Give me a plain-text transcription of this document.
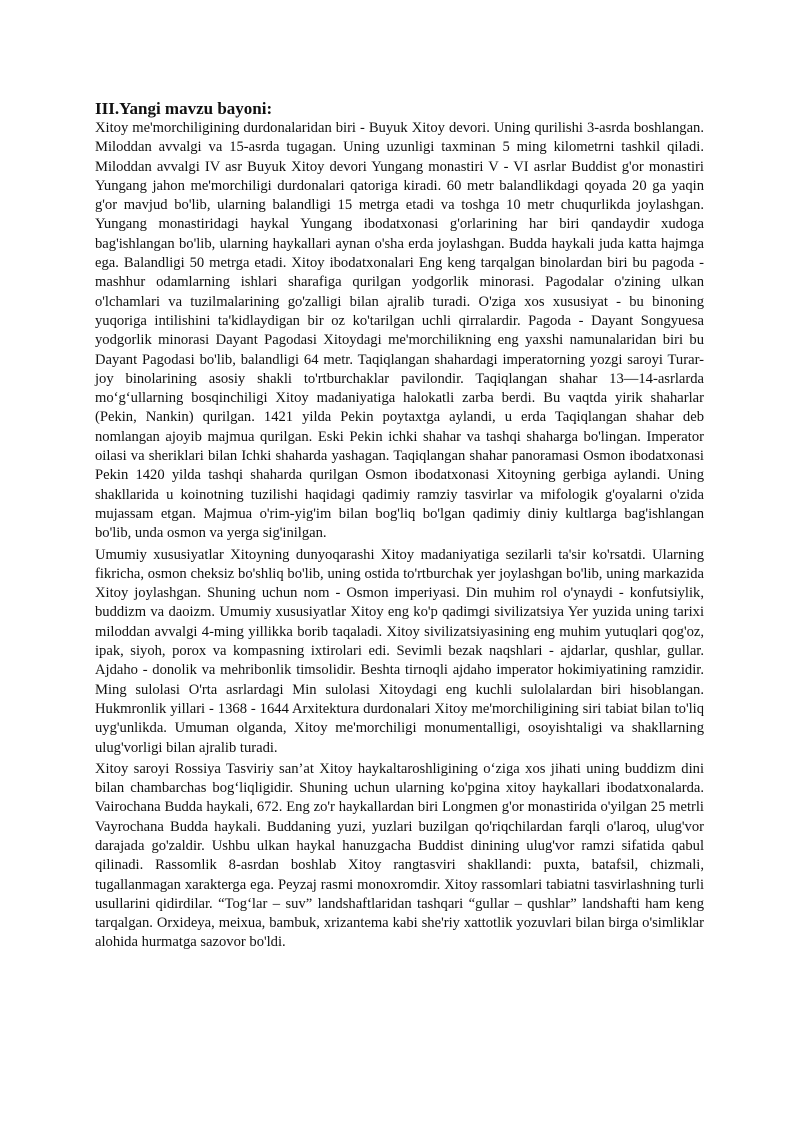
III.Yangi mavzu bayoni:

Xitoy me'morchiligining durdonalaridan biri - Buyuk Xitoy devori. Uning qurilishi 3-asrda boshlangan. Miloddan avvalgi va 15-asrda tugagan. Uning uzunligi taxminan 5 ming kilometrni tashkil qiladi. Miloddan avvalgi IV asr Buyuk Xitoy devori Yungang monastiri V - VI asrlar Buddist g'or monastiri Yungang jahon me'morchiligi durdonalari qatoriga kiradi. 60 metr balandlikdagi qoyada 20 ga yaqin g'or mavjud bo'lib, ularning balandligi 15 metrga etadi va toshga 10 metr chuqurlikda joylashgan. Yungang monastiridagi haykal Yungang ibodatxonasi g'orlarining har biri qandaydir xudoga bag'ishlangan bo'lib, ularning haykallari aynan o'sha erda joylashgan. Budda haykali juda katta hajmga ega. Balandligi 50 metrga etadi. Xitoy ibodatxonalari Eng keng tarqalgan binolardan biri bu pagoda - mashhur odamlarning ishlari sharafiga qurilgan yodgorlik minorasi. Pagodalar o'zining ulkan o'lchamlari va tuzilmalarining go'zalligi bilan ajralib turadi. O'ziga xos xususiyat - bu binoning yuqoriga intilishini ta'kidlaydigan bir oz ko'tarilgan uchli qirralardir. Pagoda - Dayant Songyuesa yodgorlik minorasi Dayant Pagodasi Xitoydagi me'morchilikning eng yaxshi namunalaridan biri bu Dayant Pagodasi bo'lib, balandligi 64 metr. Taqiqlangan shahardagi imperatorning yozgi saroyi Turar-joy binolarining asosiy shakli to'rtburchaklar pavilondir. Taqiqlangan shahar 13—14-asrlarda mo‘g‘ullarning bosqinchiligi Xitoy madaniyatiga halokatli zarba berdi. Bu vaqtda yirik shaharlar (Pekin, Nankin) qurilgan. 1421 yilda Pekin poytaxtga aylandi, u erda Taqiqlangan shahar deb nomlangan ajoyib majmua qurilgan. Eski Pekin ichki shahar va tashqi shaharga bo'lingan. Imperator oilasi va sheriklari bilan Ichki shaharda yashagan. Taqiqlangan shahar panoramasi Osmon ibodatxonasi Pekin 1420 yilda tashqi shaharda qurilgan Osmon ibodatxonasi Xitoyning gerbiga aylandi. Uning shakllarida u koinotning tuzilishi haqidagi qadimiy ramziy tasvirlar va mifologik g'oyalarni o'zida mujassam etgan. Majmua o'rim-yig'im bilan bog'liq bo'lgan qadimiy diniy kultlarga bag'ishlangan bo'lib, unda osmon va yerga sig'inilgan.

Umumiy xususiyatlar Xitoyning dunyoqarashi Xitoy madaniyatiga sezilarli ta'sir ko'rsatdi. Ularning fikricha, osmon cheksiz bo'shliq bo'lib, uning ostida to'rtburchak yer joylashgan bo'lib, uning markazida Xitoy joylashgan. Shuning uchun nom - Osmon imperiyasi. Din muhim rol o'ynaydi - konfutsiylik, buddizm va daoizm. Umumiy xususiyatlar Xitoy eng ko'p qadimgi sivilizatsiya Yer yuzida uning tarixi miloddan avvalgi 4-ming yillikka borib taqaladi. Xitoy sivilizatsiyasining eng muhim yutuqlari qog'oz, ipak, siyoh, porox va kompasning ixtirolari edi. Sevimli bezak naqshlari - ajdarlar, qushlar, gullar. Ajdaho - donolik va mehribonlik timsolidir. Beshta tirnoqli ajdaho imperator hokimiyatining ramzidir. Ming sulolasi O'rta asrlardagi Min sulolasi Xitoydagi eng kuchli sulolalardan biri hisoblangan. Hukmronlik yillari - 1368 - 1644 Arxitektura durdonalari Xitoy me'morchiligining siri tabiat bilan to'liq uyg'unlikda. Umuman olganda, Xitoy me'morchiligi monumentalligi, osoyishtaligi va shakllarning ulug'vorligi bilan ajralib turadi.

Xitoy saroyi Rossiya Tasviriy san’at Xitoy haykaltaroshligining o‘ziga xos jihati uning buddizm dini bilan chambarchas bog‘liqligidir. Shuning uchun ularning ko'pgina xitoy haykallari ibodatxonalarda. Vairochana Budda haykali, 672. Eng zo'r haykallardan biri Longmen g'or monastirida o'yilgan 25 metrli Vayrochana Budda haykali. Buddaning yuzi, yuzlari buzilgan qo'riqchilardan farqli o'laroq, ulug'vor darajada go'zaldir. Ushbu ulkan haykal hanuzgacha Buddist dinining ulug'vor ramzi sifatida qabul qilinadi. Rassomlik 8-asrdan boshlab Xitoy rangtasviri shakllandi: puxta, batafsil, chizmali, tugallanmagan xarakterga ega. Peyzaj rasmi monoxromdir. Xitoy rassomlari tabiatni tasvirlashning turli usullarini qidirdilar. “Tog‘lar – suv” landshaftlaridan tashqari “gullar – qushlar” landshafti ham keng tarqalgan. Orxideya, meixua, bambuk, xrizantema kabi she'riy xattotlik yozuvlari bilan birga o'simliklar alohida hurmatga sazovor bo'ldi.
